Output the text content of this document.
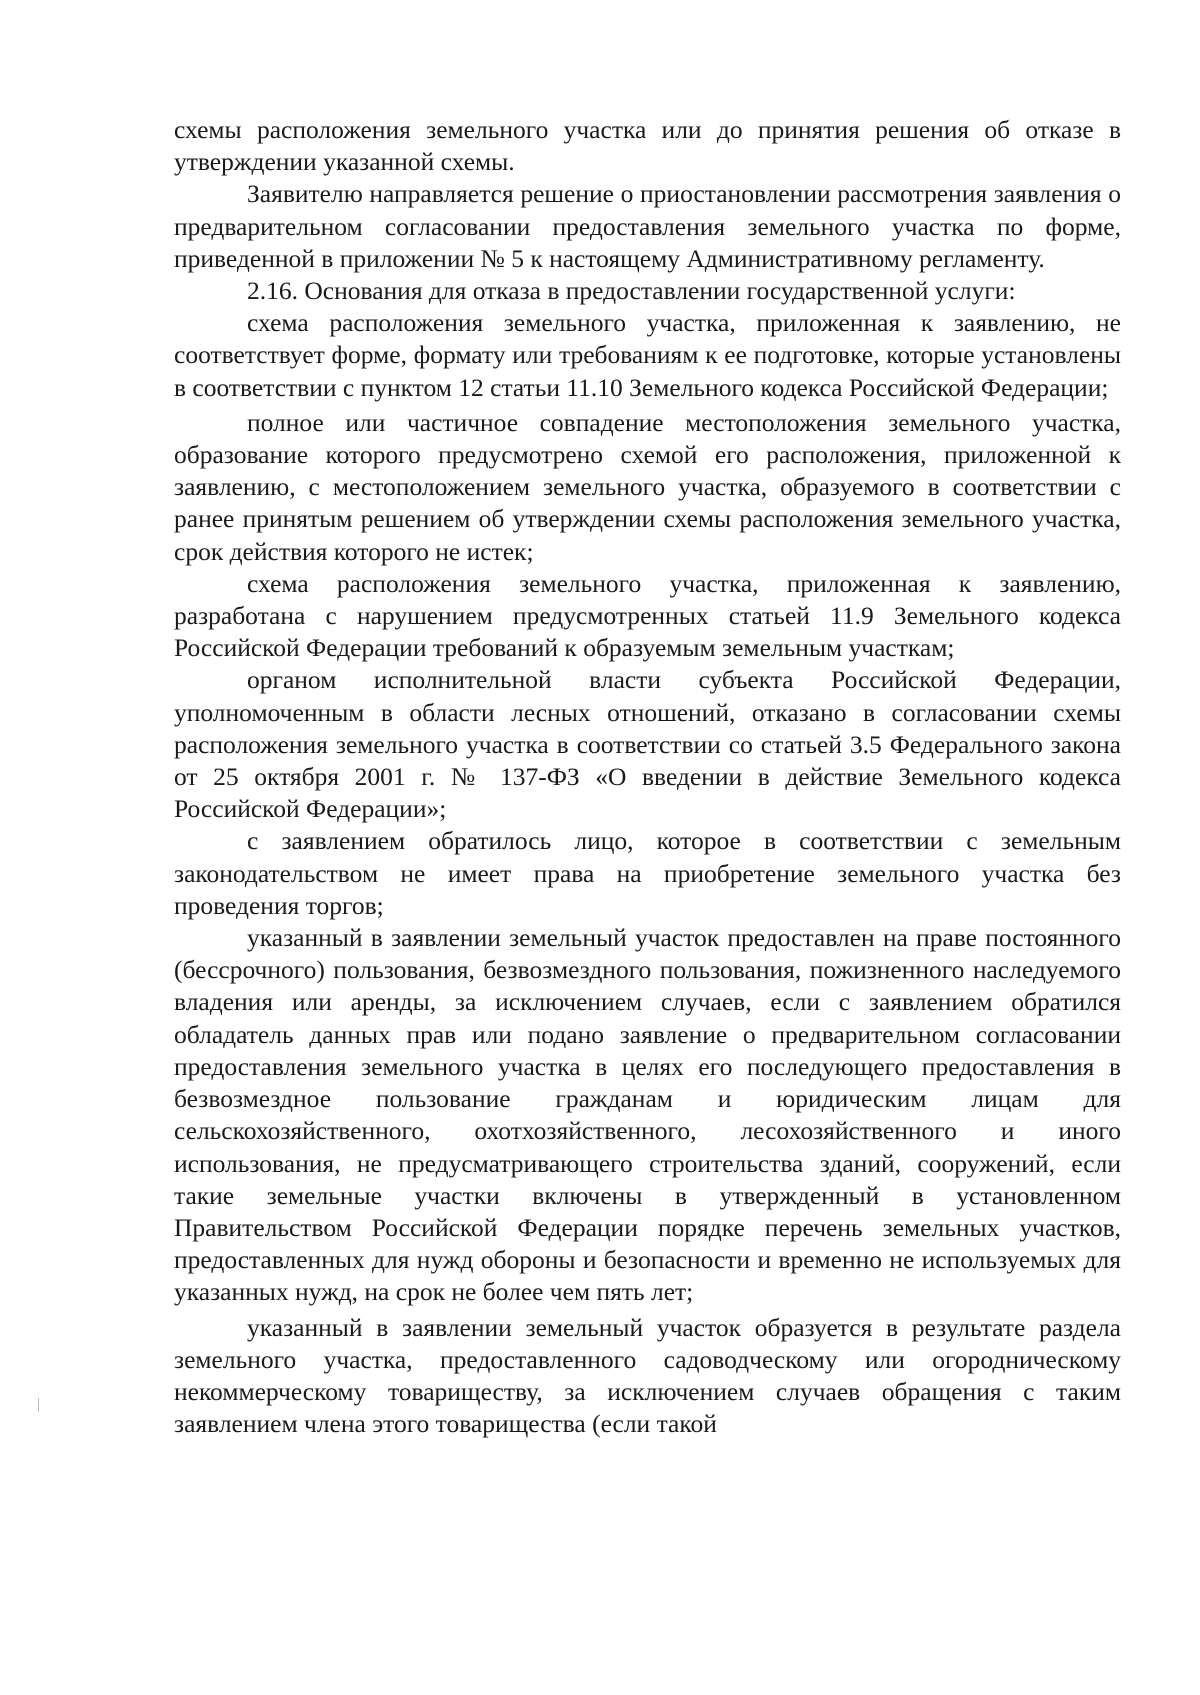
схемы расположения земельного участка или до принятия решения об отказе в утверждении указанной схемы.

Заявителю направляется решение о приостановлении рассмотрения заявления о предварительном согласовании предоставления земельного участка по форме, приведенной в приложении № 5 к настоящему Административному регламенту.

2.16. Основания для отказа в предоставлении государственной услуги:

схема расположения земельного участка, приложенная к заявлению, не соответствует форме, формату или требованиям к ее подготовке, которые установлены в соответствии с пунктом 12 статьи 11.10 Земельного кодекса Российской Федерации;

полное или частичное совпадение местоположения земельного участка, образование которого предусмотрено схемой его расположения, приложенной к заявлению, с местоположением земельного участка, образуемого в соответствии с ранее принятым решением об утверждении схемы расположения земельного участка, срок действия которого не истек;

схема расположения земельного участка, приложенная к заявлению, разработана с нарушением предусмотренных статьей 11.9 Земельного кодекса Российской Федерации требований к образуемым земельным участкам;

органом исполнительной власти субъекта Российской Федерации, уполномоченным в области лесных отношений, отказано в согласовании схемы расположения земельного участка в соответствии со статьей 3.5 Федерального закона от 25 октября 2001 г. № 137-ФЗ «О введении в действие Земельного кодекса Российской Федерации»;

с заявлением обратилось лицо, которое в соответствии с земельным законодательством не имеет права на приобретение земельного участка без проведения торгов;

указанный в заявлении земельный участок предоставлен на праве постоянного (бессрочного) пользования, безвозмездного пользования, пожизненного наследуемого владения или аренды, за исключением случаев, если с заявлением обратился обладатель данных прав или подано заявление о предварительном согласовании предоставления земельного участка в целях его последующего предоставления в безвозмездное пользование гражданам и юридическим лицам для сельскохозяйственного, охотхозяйственного, лесохозяйственного и иного использования, не предусматривающего строительства зданий, сооружений, если такие земельные участки включены в утвержденный в установленном Правительством Российской Федерации порядке перечень земельных участков, предоставленных для нужд обороны и безопасности и временно не используемых для указанных нужд, на срок не более чем пять лет;

указанный в заявлении земельный участок образуется в результате раздела земельного участка, предоставленного садоводческому или огородническому некоммерческому товариществу, за исключением случаев обращения с таким заявлением члена этого товарищества (если такой
